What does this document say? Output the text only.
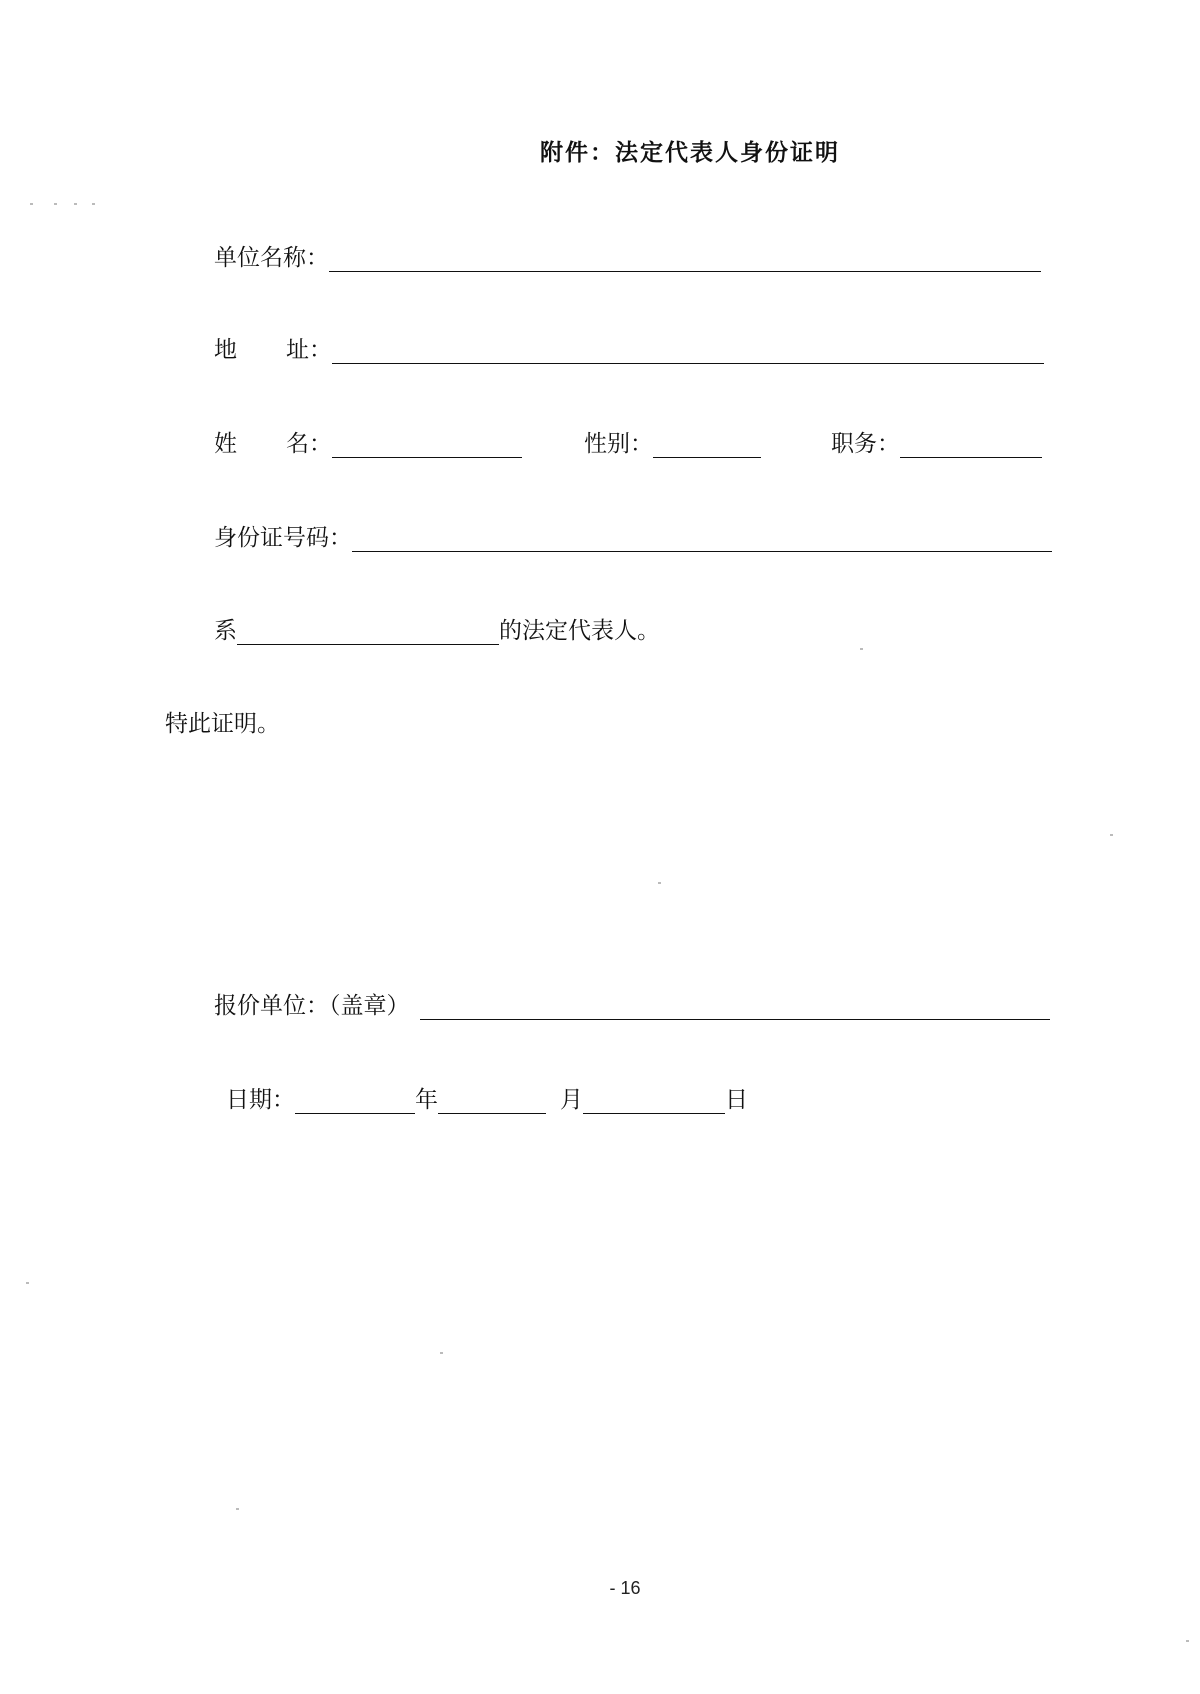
附件：法定代表人身份证明
单位名称：
地	址：
姓	名：	性别：	职务：
身份证号码：
系	的法定代表人。
特此证明。
报价单位：（盖章）
日期：	年	月	日
- 16
